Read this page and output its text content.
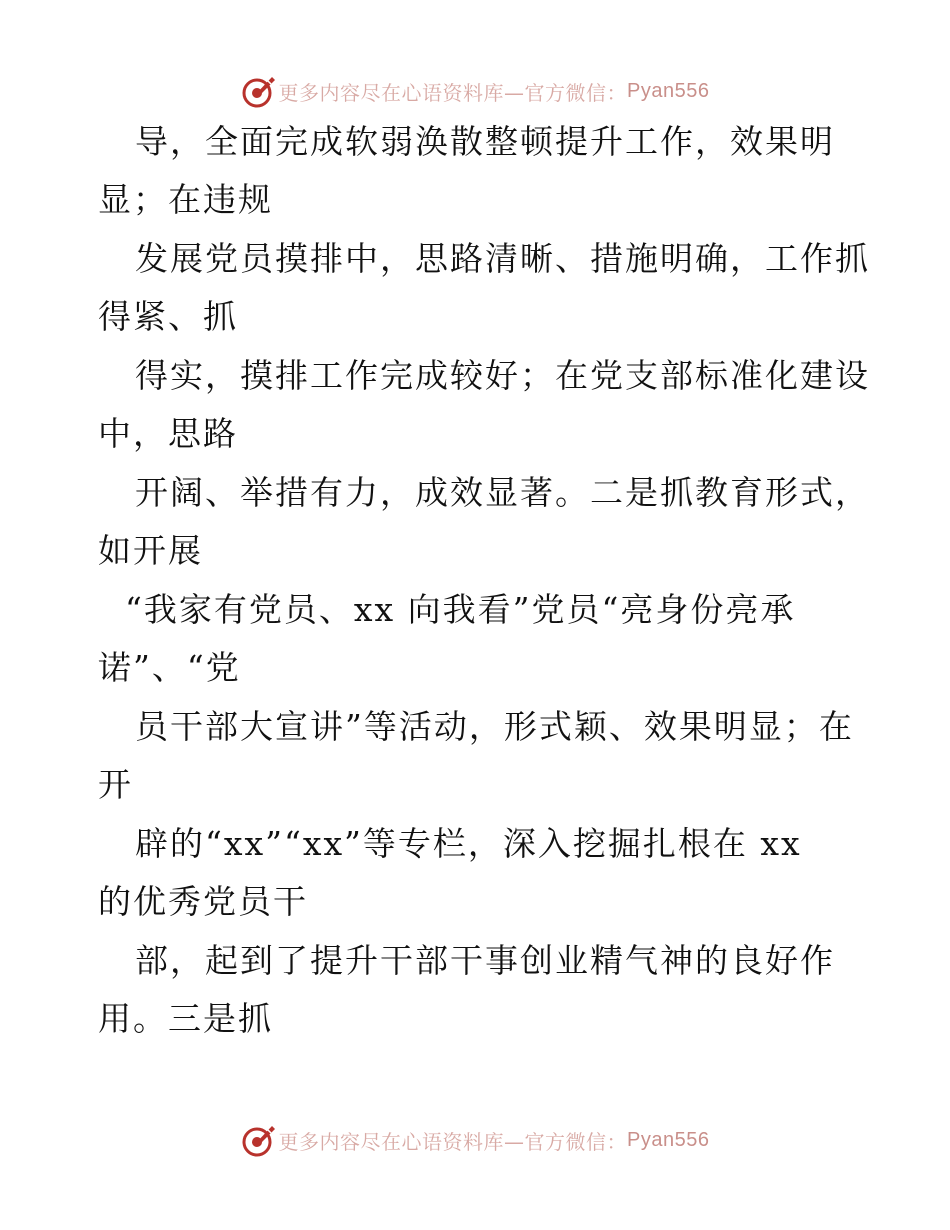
更多内容尽在心语资料库—官方微信： Pyan556
导，全面完成软弱涣散整顿提升工作，效果明
显；在违规
发展党员摸排中，思路清晰、措施明确，工作抓
得紧、抓
得实，摸排工作完成较好；在党支部标准化建设
中，思路
开阔、举措有力，成效显著。二是抓教育形式，
如开展
“我家有党员、xx 向我看”党员“亮身份亮承
诺”、“党
员干部大宣讲”等活动，形式颖、效果明显；在
开
辟的“xx”“xx”等专栏，深入挖掘扎根在 xx
的优秀党员干
部，起到了提升干部干事创业精气神的良好作
用。三是抓
更多内容尽在心语资料库—官方微信： Pyan556
